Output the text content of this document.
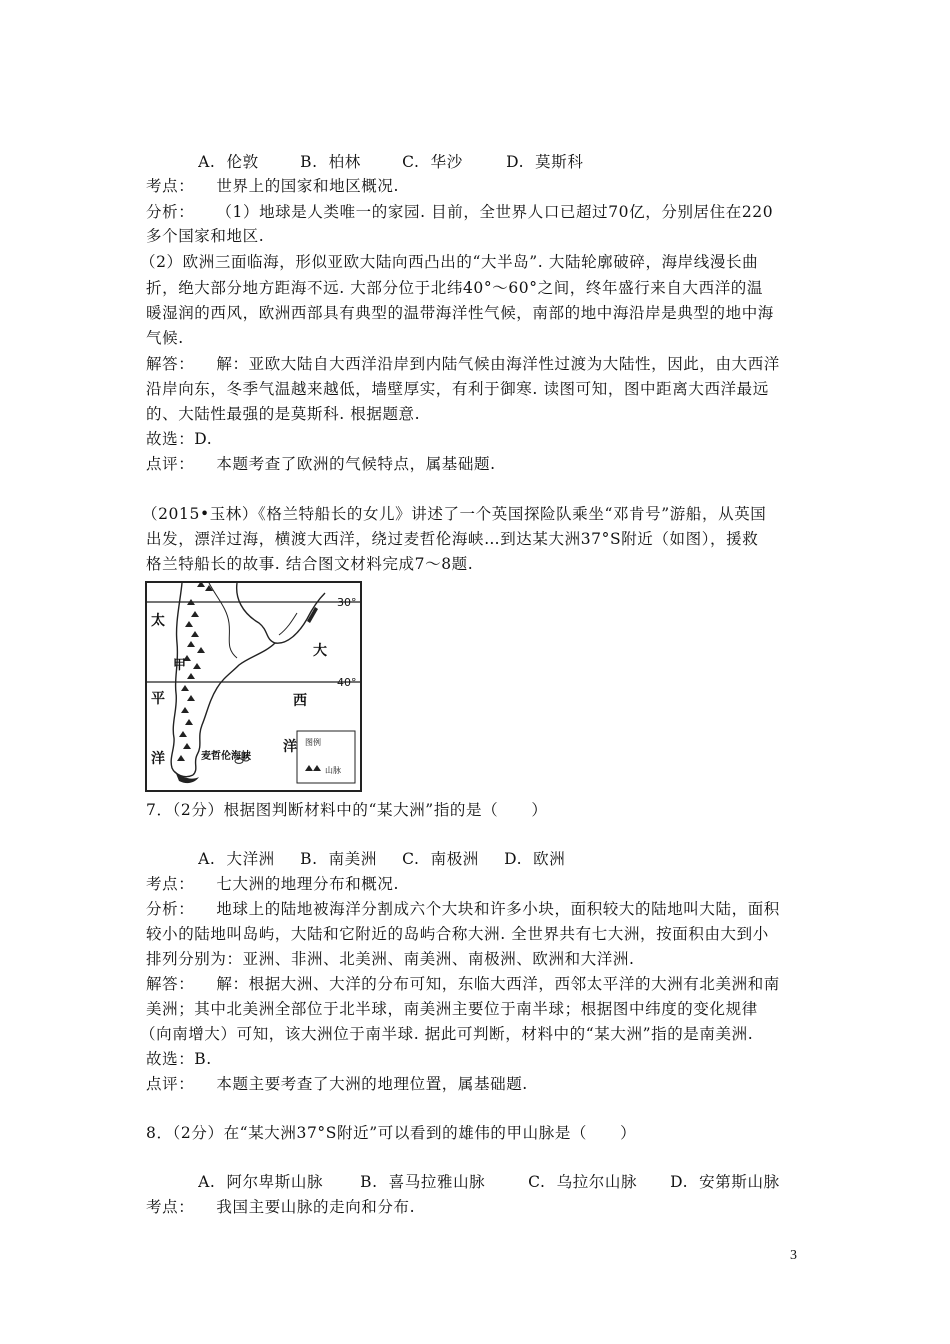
A.  伦敦	B.  柏林	C.  华沙	D.  莫斯科

考点：    世界上的国家和地区概况.
分析：    （1）地球是人类唯一的家园. 目前，全世界人口已超过70亿，分别居住在220
多个国家和地区.
（2）欧洲三面临海，形似亚欧大陆向西凸出的“大半岛”. 大陆轮廓破碎，海岸线漫长曲
折，绝大部分地方距海不远. 大部分位于北纬40°～60°之间，终年盛行来自大西洋的温
暖湿润的西风，欧洲西部具有典型的温带海洋性气候，南部的地中海沿岸是典型的地中海
气候.
解答：    解：亚欧大陆自大西洋沿岸到内陆气候由海洋性过渡为大陆性，因此，由大西洋
沿岸向东，冬季气温越来越低，墙壁厚实，有利于御寒. 读图可知，图中距离大西洋最远
的、大陆性最强的是莫斯科. 根据题意.
故选：D.
点评：    本题考查了欧洲的气候特点，属基础题.
（2015•玉林）《格兰特船长的女儿》讲述了一个英国探险队乘坐“邓肯号”游船，从英国
出发，漂洋过海，横渡大西洋，绕过麦哲伦海峡…到达某大洲37°S附近（如图），援救
格兰特船长的故事. 结合图文材料完成7～8题.
30°
40°
太
甲
平
洋
大
西
洋
麦哲伦海峡
图例
山脉
7．（2分）根据图判断材料中的“某大洲”指的是（      ）

A.  大洋洲 B.  南美洲 C.  南极洲 D.  欧洲

考点：    七大洲的地理分布和概况.
分析：    地球上的陆地被海洋分割成六个大块和许多小块，面积较大的陆地叫大陆，面积
较小的陆地叫岛屿，大陆和它附近的岛屿合称大洲. 全世界共有七大洲，按面积由大到小
排列分别为：亚洲、非洲、北美洲、南美洲、南极洲、欧洲和大洋洲.
解答：    解：根据大洲、大洋的分布可知，东临大西洋，西邻太平洋的大洲有北美洲和南
美洲；其中北美洲全部位于北半球，南美洲主要位于南半球；根据图中纬度的变化规律
（向南增大）可知，该大洲位于南半球. 据此可判断，材料中的“某大洲”指的是南美洲.
故选：B.
点评：    本题主要考查了大洲的地理位置，属基础题.
8．（2分）在“某大洲37°S附近”可以看到的雄伟的甲山脉是（      ）

A.  阿尔卑斯山脉 B.  喜马拉雅山脉	C.  乌拉尔山脉 D.  安第斯山脉

考点：    我国主要山脉的走向和分布.
3
